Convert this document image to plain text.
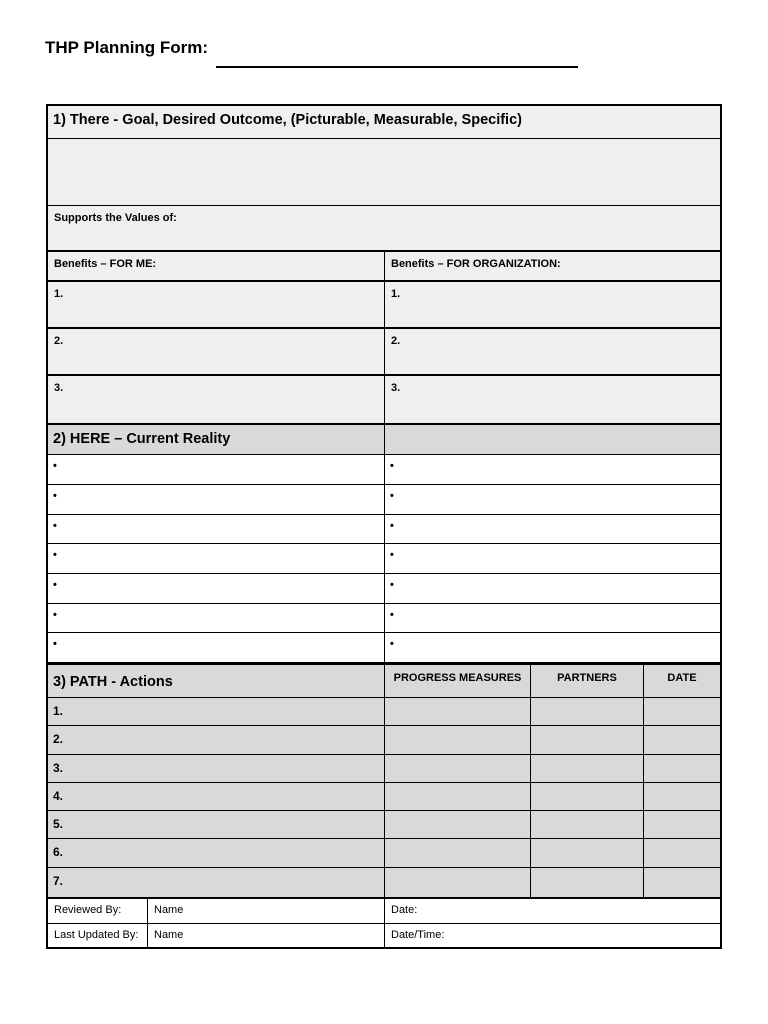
THP Planning Form:
1) There - Goal, Desired Outcome, (Picturable, Measurable, Specific)
Supports the Values of:
Benefits – FOR ME:	Benefits – FOR ORGANIZATION:
1.	1.
2.	2.
3.	3.
2) HERE – Current Reality
•	•
•	•
•	•
•	•
•	•
•	•
•	•
3) PATH - Actions	PROGRESS MEASURES	PARTNERS	DATE
1.
2.
3.
4.
5.
6.
7.
Reviewed By:	Name	Date:
Last Updated By:	Name	Date/Time:
